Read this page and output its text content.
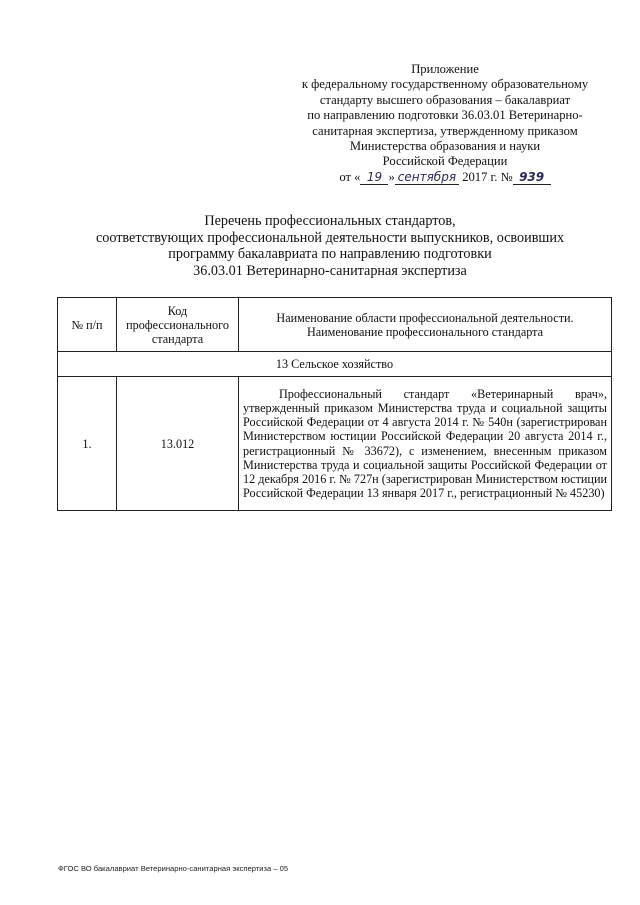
Приложение
к федеральному государственному образовательному
стандарту высшего образования – бакалавриат
по направлению подготовки 36.03.01 Ветеринарно-
санитарная экспертиза, утвержденному приказом
Министерства образования и науки
Российской Федерации
от « 19 » сентября 2017 г. № 939
Перечень профессиональных стандартов,
соответствующих профессиональной деятельности выпускников, освоивших
программу бакалавриата по направлению подготовки
36.03.01 Ветеринарно-санитарная экспертиза
№ п/п	Код профессионального стандарта	Наименование области профессиональной деятельности.
Наименование профессионального стандарта
13 Сельское хозяйство		
1.	13.012	Профессиональный стандарт «Ветеринарный врач», утвержденный приказом Министерства труда и социальной защиты Российской Федерации от 4 августа 2014 г. № 540н (зарегистрирован Министерством юстиции Российской Федерации 20 августа 2014 г., регистрационный № 33672), с изменением, внесенным приказом Министерства труда и социальной защиты Российской Федерации от 12 декабря 2016 г. № 727н (зарегистрирован Министерством юстиции Российской Федерации 13 января 2017 г., регистрационный № 45230)
ФГОС ВО бакалавриат Ветеринарно-санитарная экспертиза – 05
